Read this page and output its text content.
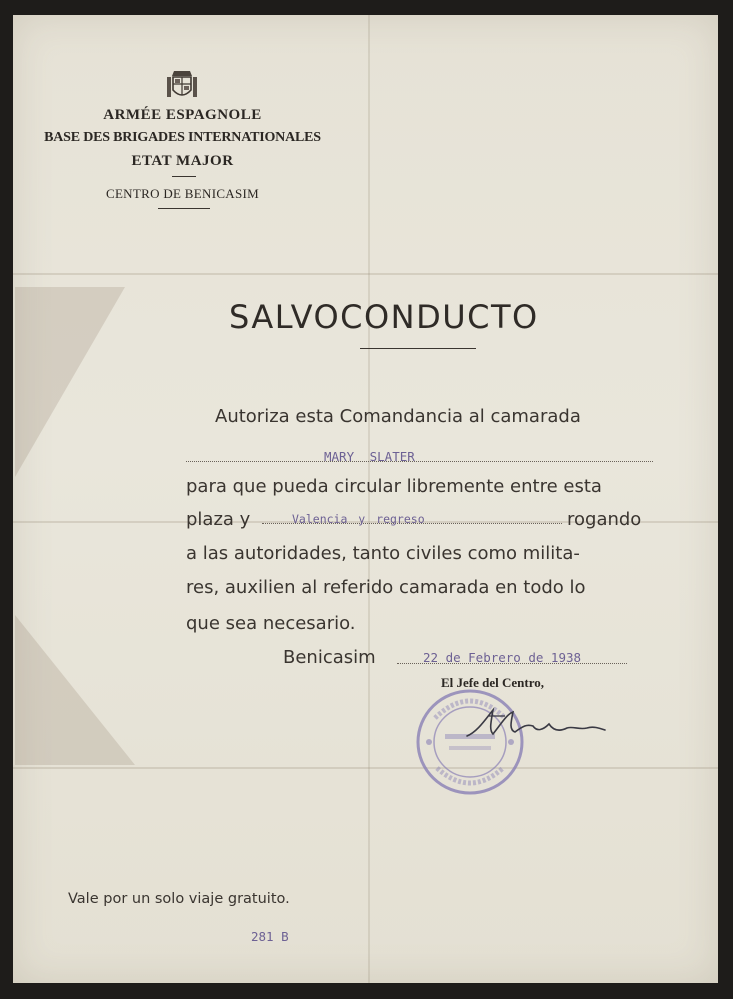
ARMÉE ESPAGNOLE
BASE DES BRIGADES INTERNATIONALES
ETAT MAJOR
CENTRO DE BENICASIM
SALVOCONDUCTO
Autoriza esta Comandancia al camarada
MARY SLATER
para que pueda circular libremente entre esta
plaza y	Valencia y regreso	rogando
a las autoridades, tanto civiles como milita-
res, auxilien al referido camarada en todo lo
que sea necesario.
Benicasim	22 de Febrero de 1938
El Jefe del Centro,
Vale por un solo viaje gratuito.
281 B
